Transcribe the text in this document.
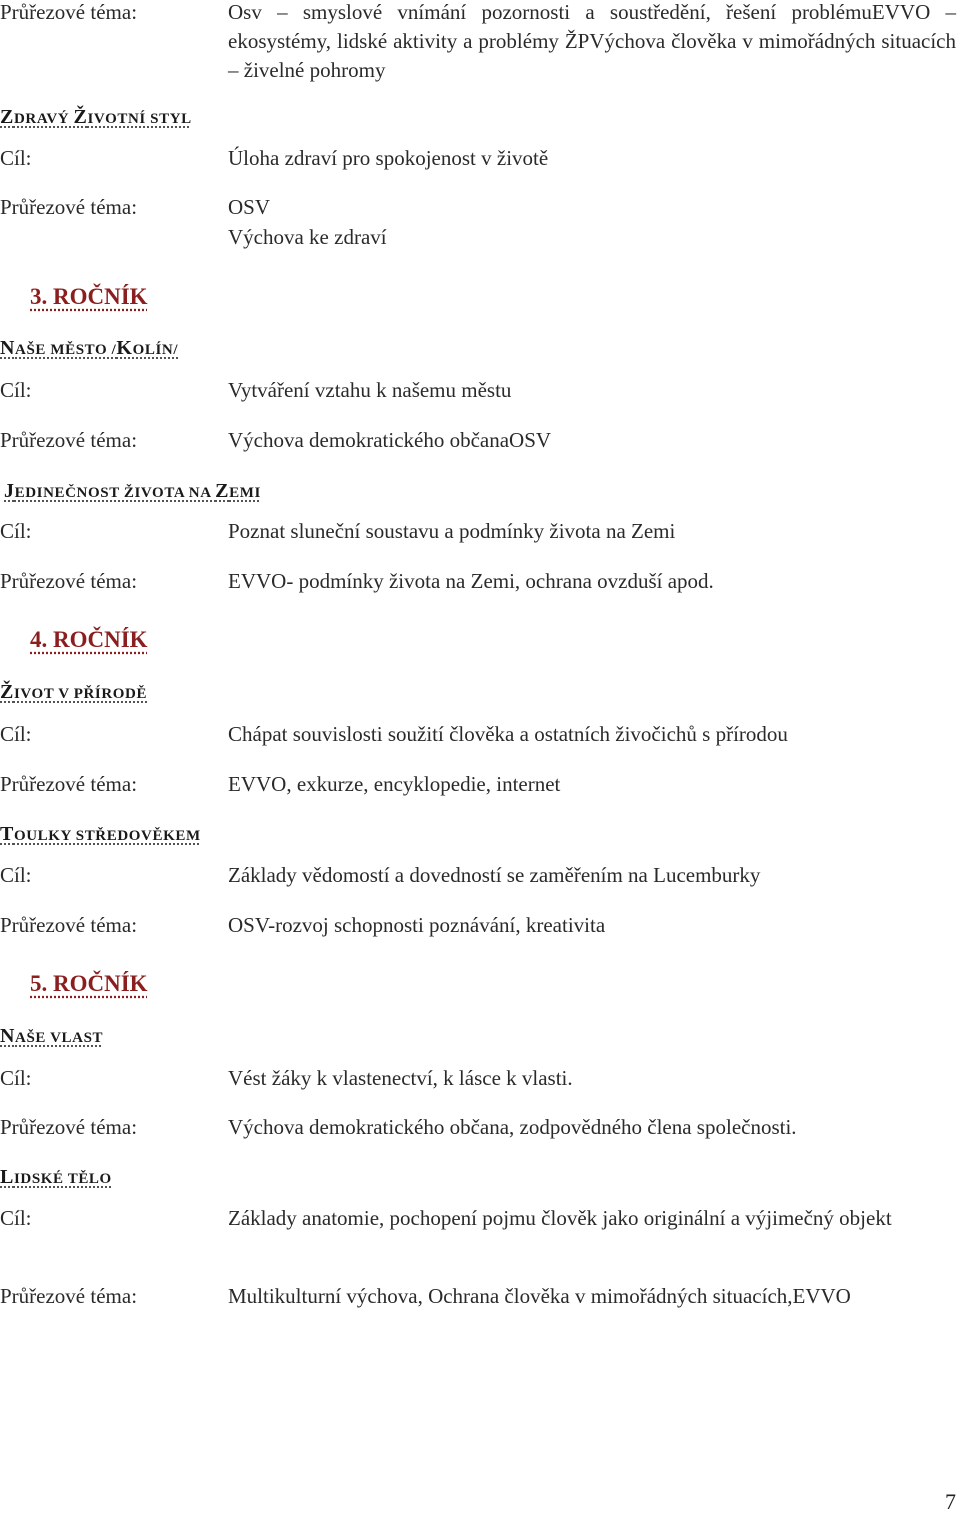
Průřezové téma:	Osv – smyslové vnímání pozornosti a soustředění, řešení problémuEVVO – ekosystémy, lidské aktivity a problémy ŽPVýchova člověka v mimořádných situacích – živelné pohromy
ZDRAVÝ ŽIVOTNÍ STYL
Cíl:	Úloha zdraví pro spokojenost v životě
Průřezové téma:	OSV
Výchova ke zdraví
3. ROČNÍK
NAŠE MĚSTO /KOLÍN/
Cíl:	Vytváření vztahu k našemu městu
Průřezové téma:	Výchova demokratického občanaOSV
JEDINEČNOST ŽIVOTA NA ZEMI
Cíl:	Poznat sluneční soustavu a podmínky života na Zemi
Průřezové téma:	EVVO- podmínky života na Zemi, ochrana ovzduší apod.
4. ROČNÍK
ŽIVOT V PŘÍRODĚ
Cíl:	Chápat souvislosti soužití člověka a ostatních živočichů s přírodou
Průřezové téma:	EVVO, exkurze, encyklopedie, internet
TOULKY STŘEDOVĚKEM
Cíl:	Základy vědomostí a dovedností se zaměřením na Lucemburky
Průřezové téma:	OSV-rozvoj schopnosti poznávání, kreativita
5. ROČNÍK
NAŠE VLAST
Cíl:	Vést žáky k vlastenectví, k lásce k vlasti.
Průřezové téma:	Výchova demokratického občana, zodpovědného člena společnosti.
LIDSKÉ TĚLO
Cíl:	Základy anatomie, pochopení pojmu člověk jako originální a výjimečný objekt
Průřezové téma:	Multikulturní výchova, Ochrana člověka v mimořádných situacích,EVVO
7
